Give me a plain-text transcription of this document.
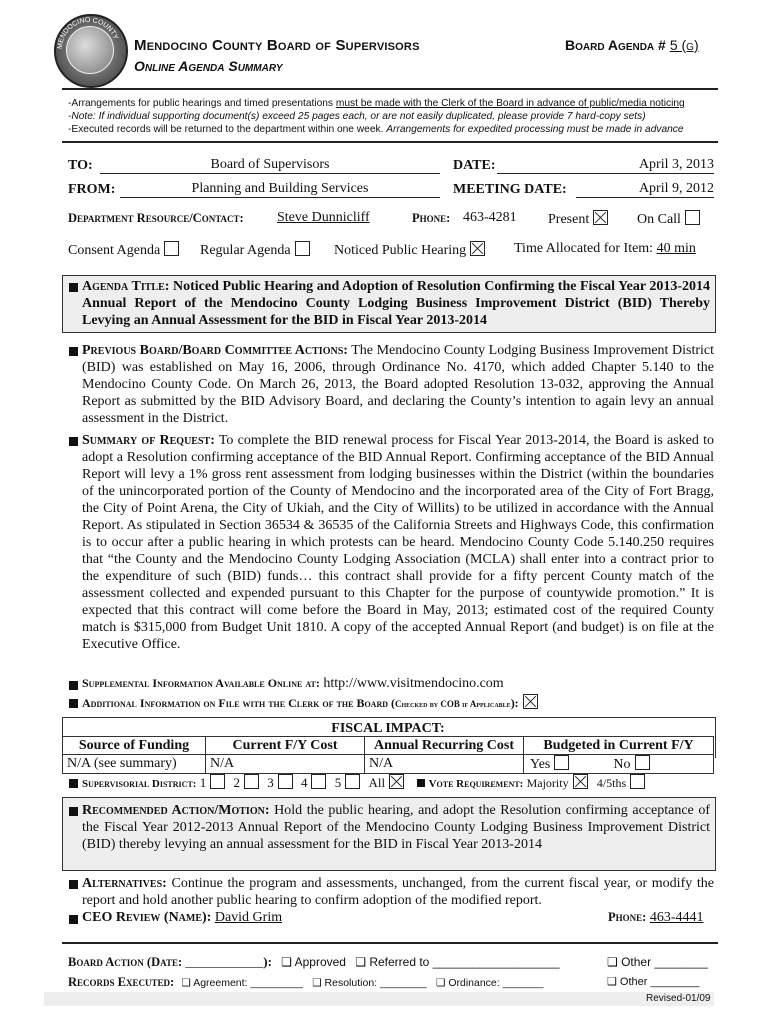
MENDOCINO COUNTY Mendocino County Board of Supervisors
Online Agenda Summary
Board Agenda # 5 (g)
-Arrangements for public hearings and timed presentations must be made with the Clerk of the Board in advance of public/media noticing
-Note: If individual supporting document(s) exceed 25 pages each, or are not easily duplicated, please provide 7 hard-copy sets)
-Executed records will be returned to the department within one week. Arrangements for expedited processing must be made in advance
TO:	Board of Supervisors	DATE:	April 3, 2013
FROM:	Planning and Building Services	MEETING DATE:	April 9, 2012
Department Resource/Contact: Steve Dunnicliff	Phone: 463-4281 Present	On Call
Consent Agenda	Regular Agenda	Noticed Public Hearing	Time Allocated for Item: 40 min
Agenda Title: Noticed Public Hearing and Adoption of Resolution Confirming the Fiscal Year 2013-2014 Annual Report of the Mendocino County Lodging Business Improvement District (BID) Thereby Levying an Annual Assessment for the BID in Fiscal Year 2013-2014
Previous Board/Board Committee Actions: The Mendocino County Lodging Business Improvement District (BID) was established on May 16, 2006, through Ordinance No. 4170, which added Chapter 5.140 to the Mendocino County Code. On March 26, 2013, the Board adopted Resolution 13-032, approving the Annual Report as submitted by the BID Advisory Board, and declaring the County’s intention to again levy an annual assessment in the District.
Summary of Request: To complete the BID renewal process for Fiscal Year 2013-2014, the Board is asked to adopt a Resolution confirming acceptance of the BID Annual Report. Confirming acceptance of the BID Annual Report will levy a 1% gross rent assessment from lodging businesses within the District (within the boundaries of the unincorporated portion of the County of Mendocino and the incorporated area of the City of Fort Bragg, the City of Point Arena, the City of Ukiah, and the City of Willits) to be utilized in accordance with the Annual Report. As stipulated in Section 36534 & 36535 of the California Streets and Highways Code, this confirmation is to occur after a public hearing in which protests can be heard. Mendocino County Code 5.140.250 requires that “the County and the Mendocino County Lodging Association (MCLA) shall enter into a contract prior to the expenditure of such (BID) funds… this contract shall provide for a fifty percent County match of the assessment collected and expended pursuant to this Chapter for the purpose of countywide promotion.” It is expected that this contract will come before the Board in May, 2013; estimated cost of the required County match is $315,000 from Budget Unit 1810. A copy of the accepted Annual Report (and budget) is on file at the Executive Office.
Supplemental Information Available Online at: http://www.visitmendocino.com
Additional Information on File with the Clerk of the Board (Checked by COB if Applicable):
FISCAL IMPACT:
Source of Funding	Current F/Y Cost	Annual Recurring Cost	Budgeted in Current F/Y
N/A (see summary)	N/A	N/A	Yes No
Supervisorial District: 1 2 3 4 5 All	Vote Requirement: Majority 4/5ths
Recommended Action/Motion: Hold the public hearing, and adopt the Resolution confirming acceptance of the Fiscal Year 2012-2013 Annual Report of the Mendocino County Lodging Business Improvement District (BID) thereby levying an annual assessment for the BID in Fiscal Year 2013-2014
Alternatives: Continue the program and assessments, unchanged, from the current fiscal year, or modify the report and hold another public hearing to confirm adoption of the modified report.
CEO Review (Name): David Grim	Phone: 463-4441
Board Action (Date: ____________): ❑ Approved ❑ Referred to ___________________	❑ Other ________
Records Executed: ❑ Agreement: _________ ❑ Resolution: ________ ❑ Ordinance: _______	❑ Other ________
Revised-01/09
